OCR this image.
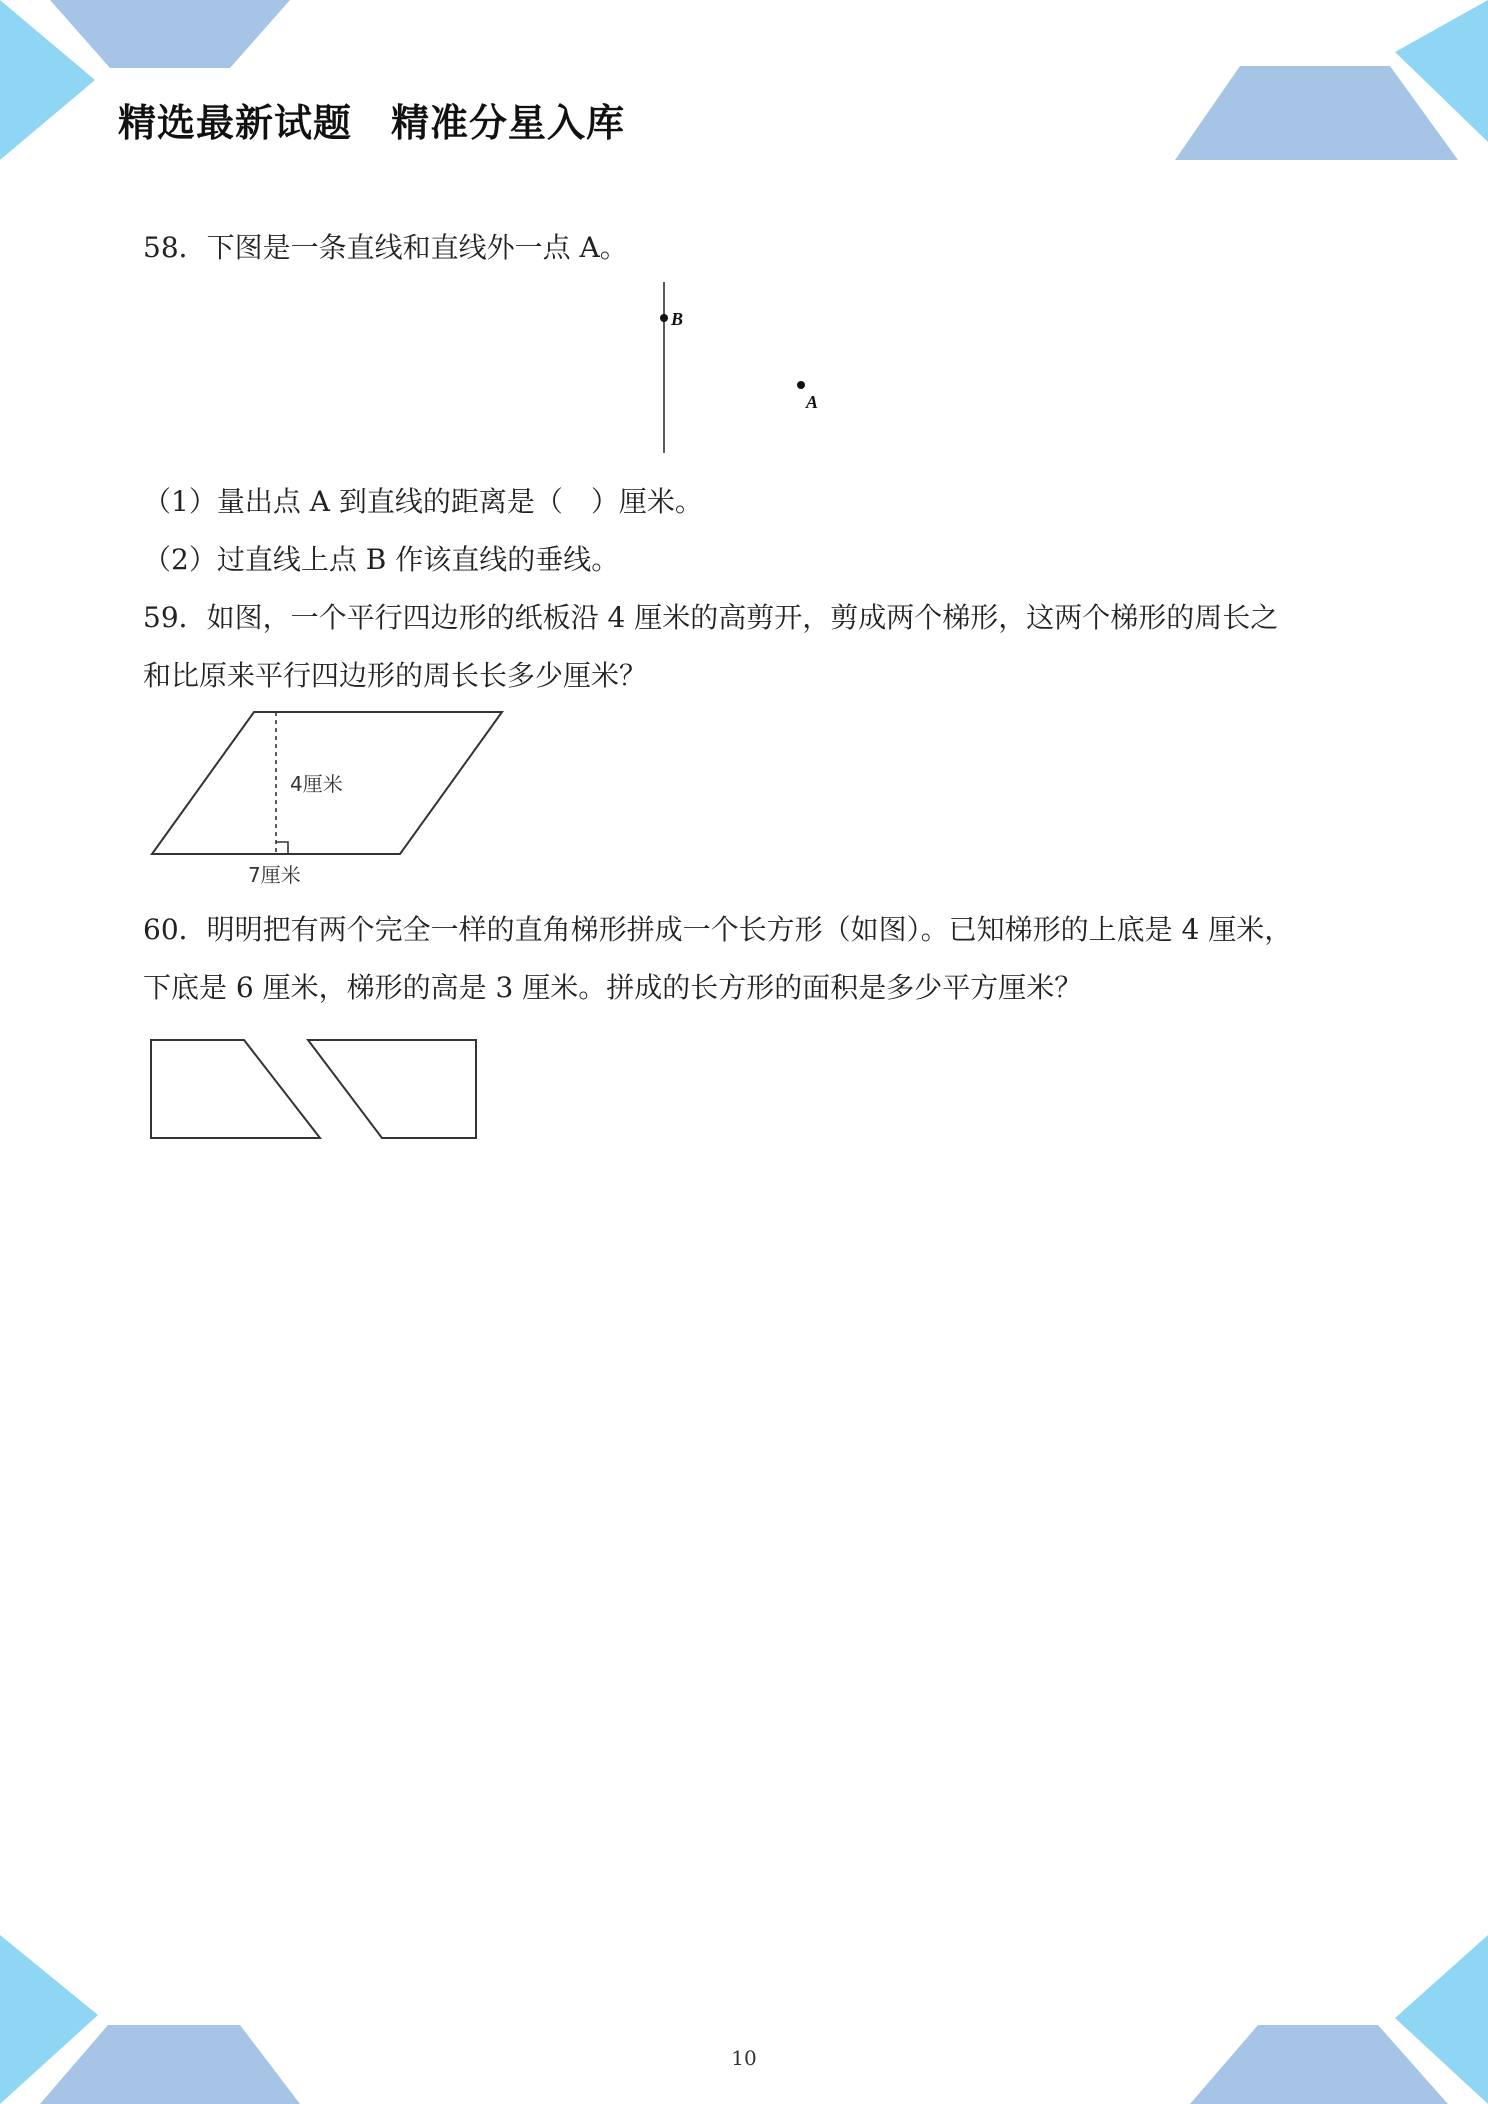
精选最新试题　精准分星入库
58．下图是一条直线和直线外一点 A。
B
A
（1）量出点 A 到直线的距离是（　）厘米。
（2）过直线上点 B 作该直线的垂线。
59．如图，一个平行四边形的纸板沿 4 厘米的高剪开，剪成两个梯形，这两个梯形的周长之
和比原来平行四边形的周长长多少厘米？
4厘米
7厘米
60．明明把有两个完全一样的直角梯形拼成一个长方形（如图）。已知梯形的上底是 4 厘米，
下底是 6 厘米，梯形的高是 3 厘米。拼成的长方形的面积是多少平方厘米？
10
